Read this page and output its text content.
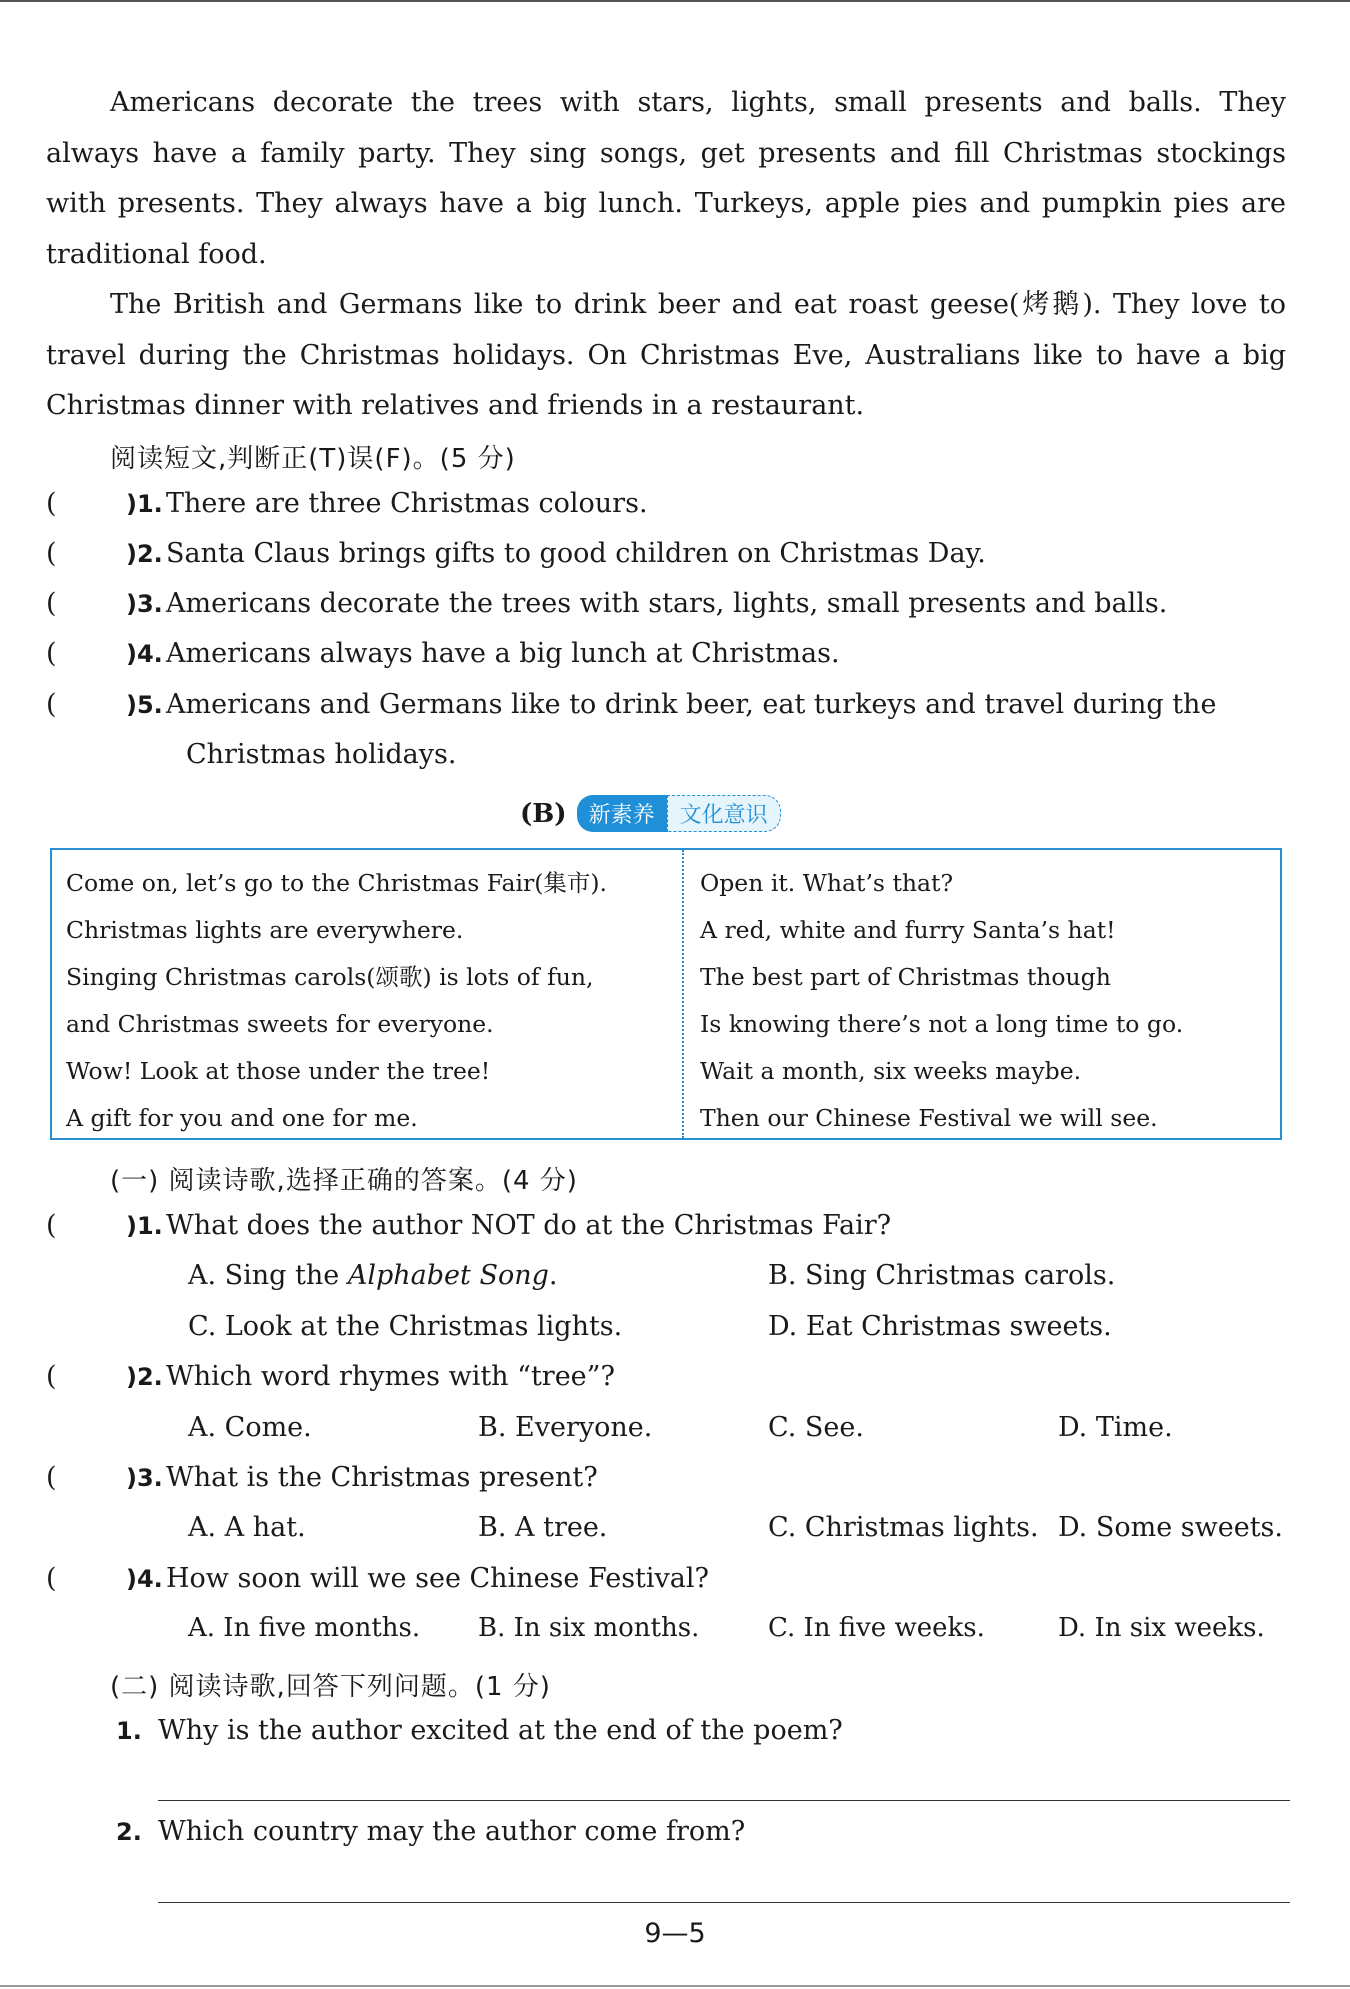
Americans decorate the trees with stars, lights, small presents and balls. They always have a family party. They sing songs, get presents and fill Christmas stockings with presents. They always have a big lunch. Turkeys, apple pies and pumpkin pies are traditional food.

The British and Germans like to drink beer and eat roast geese(烤鹅). They love to travel during the Christmas holidays. On Christmas Eve, Australians like to have a big Christmas dinner with relatives and friends in a restaurant.

阅读短文,判断正(T)误(F)。(5 分)
(	)1. There are three Christmas colours.
(	)2. Santa Claus brings gifts to good children on Christmas Day.
(	)3. Americans decorate the trees with stars, lights, small presents and balls.
(	)4. Americans always have a big lunch at Christmas.
(	)5. Americans and Germans like to drink beer, eat turkeys and travel during the
Christmas holidays.
(B)	新素养	文化意识
Come on, let’s go to the Christmas Fair(集市).
Christmas lights are everywhere.
Singing Christmas carols(颂歌) is lots of fun,
and Christmas sweets for everyone.
Wow! Look at those under the tree!
A gift for you and one for me.
Open it. What’s that?
A red, white and furry Santa’s hat!
The best part of Christmas though
Is knowing there’s not a long time to go.
Wait a month, six weeks maybe.
Then our Chinese Festival we will see.
(一) 阅读诗歌,选择正确的答案。(4 分)
(	)1. What does the author NOT do at the Christmas Fair?
A. Sing the Alphabet Song.	B. Sing Christmas carols.
C. Look at the Christmas lights.	D. Eat Christmas sweets.
(	)2. Which word rhymes with “tree”?
A. Come.	B. Everyone.	C. See.	D. Time.
(	)3. What is the Christmas present?
A. A hat.	B. A tree.	C. Christmas lights. D. Some sweets.
(	)4. How soon will we see Chinese Festival?
A. In five months. B. In six months.	C. In five weeks.	D. In six weeks.
(二) 阅读诗歌,回答下列问题。(1 分)
1. Why is the author excited at the end of the poem?
2. Which country may the author come from?
9—5
